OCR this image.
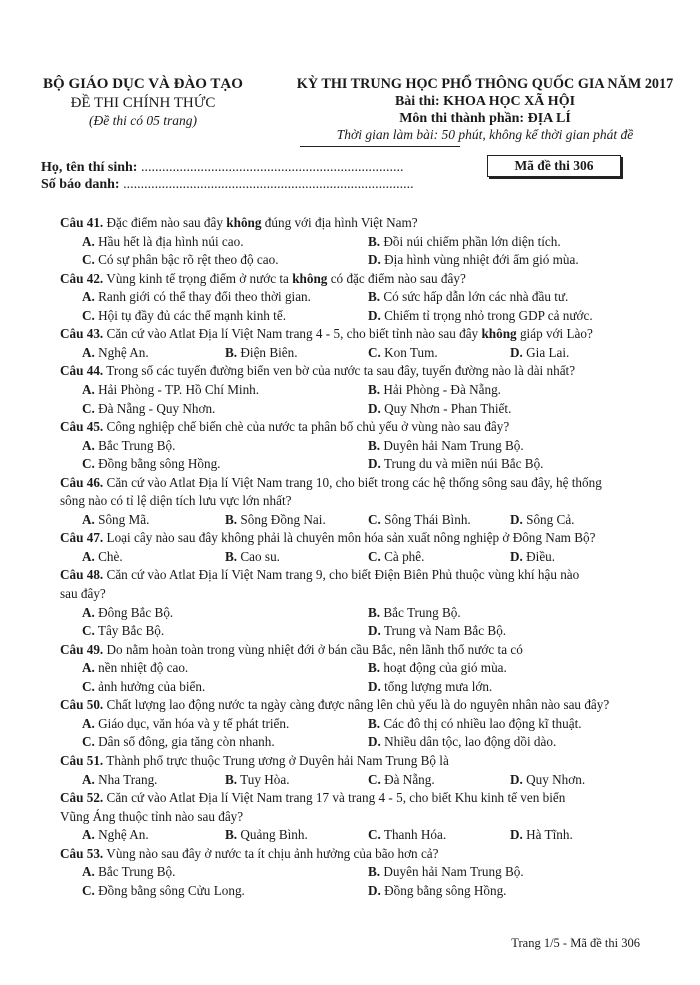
BỘ GIÁO DỤC VÀ ĐÀO TẠO
ĐỀ THI CHÍNH THỨC
(Đề thi có 05 trang)
KỲ THI TRUNG HỌC PHỔ THÔNG QUỐC GIA NĂM 2017
Bài thi: KHOA HỌC XÃ HỘI
Môn thi thành phần: ĐỊA LÍ
Thời gian làm bài: 50 phút, không kể thời gian phát đề
Họ, tên thí sinh: ...........................................................................
Số báo danh: ...................................................................................
Mã đề thi 306
Câu 41. Đặc điểm nào sau đây không đúng với địa hình Việt Nam?
A. Hầu hết là địa hình núi cao.	B. Đồi núi chiếm phần lớn diện tích.
C. Có sự phân bậc rõ rệt theo độ cao.	D. Địa hình vùng nhiệt đới ẩm gió mùa.
Câu 42. Vùng kinh tế trọng điểm ở nước ta không có đặc điểm nào sau đây?
A. Ranh giới có thể thay đổi theo thời gian.	B. Có sức hấp dẫn lớn các nhà đầu tư.
C. Hội tụ đầy đủ các thế mạnh kinh tế.	D. Chiếm tỉ trọng nhỏ trong GDP cả nước.
Câu 43. Căn cứ vào Atlat Địa lí Việt Nam trang 4 - 5, cho biết tỉnh nào sau đây không giáp với Lào?
A. Nghệ An.	B. Điện Biên.	C. Kon Tum.	D. Gia Lai.
Câu 44. Trong số các tuyến đường biển ven bờ của nước ta sau đây, tuyến đường nào là dài nhất?
A. Hải Phòng - TP. Hồ Chí Minh.	B. Hải Phòng - Đà Nẵng.
C. Đà Nẵng - Quy Nhơn.	D. Quy Nhơn - Phan Thiết.
Câu 45. Công nghiệp chế biến chè của nước ta phân bố chủ yếu ở vùng nào sau đây?
A. Bắc Trung Bộ.	B. Duyên hải Nam Trung Bộ.
C. Đồng bằng sông Hồng.	D. Trung du và miền núi Bắc Bộ.
Câu 46. Căn cứ vào Atlat Địa lí Việt Nam trang 10, cho biết trong các hệ thống sông sau đây, hệ thống
sông nào có tỉ lệ diện tích lưu vực lớn nhất?
A. Sông Mã.	B. Sông Đồng Nai.	C. Sông Thái Bình.	D. Sông Cả.
Câu 47. Loại cây nào sau đây không phải là chuyên môn hóa sản xuất nông nghiệp ở Đông Nam Bộ?
A. Chè.	B. Cao su.	C. Cà phê.	D. Điều.
Câu 48. Căn cứ vào Atlat Địa lí Việt Nam trang 9, cho biết Điện Biên Phủ thuộc vùng khí hậu nào
sau đây?
A. Đông Bắc Bộ.	B. Bắc Trung Bộ.
C. Tây Bắc Bộ.	D. Trung và Nam Bắc Bộ.
Câu 49. Do nằm hoàn toàn trong vùng nhiệt đới ở bán cầu Bắc, nên lãnh thổ nước ta có
A. nền nhiệt độ cao.	B. hoạt động của gió mùa.
C. ảnh hưởng của biển.	D. tổng lượng mưa lớn.
Câu 50. Chất lượng lao động nước ta ngày càng được nâng lên chủ yếu là do nguyên nhân nào sau đây?
A. Giáo dục, văn hóa và y tế phát triển.	B. Các đô thị có nhiều lao động kĩ thuật.
C. Dân số đông, gia tăng còn nhanh.	D. Nhiều dân tộc, lao động dồi dào.
Câu 51. Thành phố trực thuộc Trung ương ở Duyên hải Nam Trung Bộ là
A. Nha Trang.	B. Tuy Hòa.	C. Đà Nẵng.	D. Quy Nhơn.
Câu 52. Căn cứ vào Atlat Địa lí Việt Nam trang 17 và trang 4 - 5, cho biết Khu kinh tế ven biển
Vũng Áng thuộc tỉnh nào sau đây?
A. Nghệ An.	B. Quảng Bình.	C. Thanh Hóa.	D. Hà Tĩnh.
Câu 53. Vùng nào sau đây ở nước ta ít chịu ảnh hưởng của bão hơn cả?
A. Bắc Trung Bộ.	B. Duyên hải Nam Trung Bộ.
C. Đồng bằng sông Cửu Long.	D. Đồng bằng sông Hồng.
Trang 1/5 - Mã đề thi 306
